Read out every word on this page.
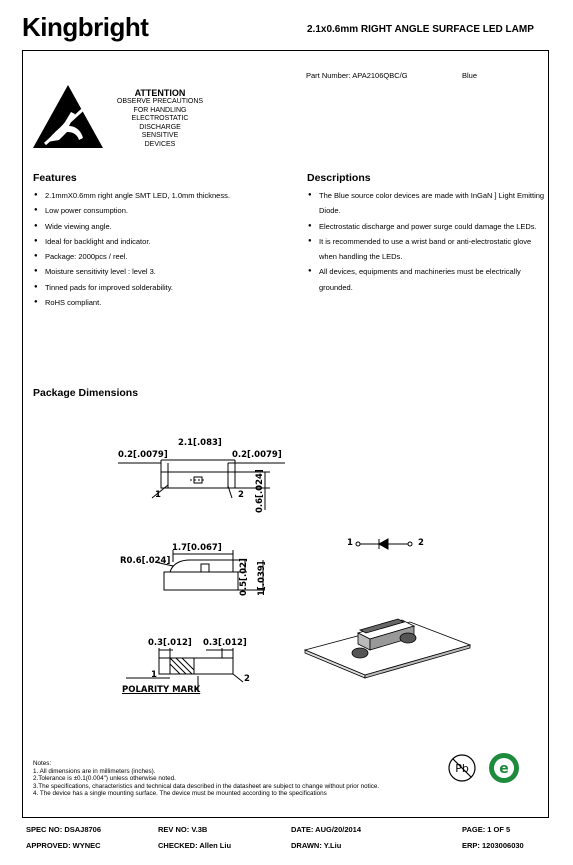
Kingbright	2.1x0.6mm RIGHT ANGLE SURFACE LED LAMP
Part Number: APA2106QBC/G	Blue
ATTENTION
OBSERVE PRECAUTIONS
FOR HANDLING
ELECTROSTATIC
DISCHARGE
SENSITIVE
DEVICES
Features
● 2.1mmX0.6mm right angle SMT LED, 1.0mm thickness.
● Low power consumption.
● Wide viewing angle.
● Ideal for backlight and indicator.
● Package: 2000pcs / reel.
● Moisture sensitivity level : level 3.
● Tinned pads for improved solderability.
● RoHS compliant.
Descriptions
● The Blue source color devices are made with InGaN ] Light Emitting Diode.
● Electrostatic discharge and power surge could damage the LEDs.
● It is recommended to use a wrist band or anti-electrostatic glove when handling the LEDs.
● All devices, equipments and machineries must be electrically grounded.
Package Dimensions
2.1[.083]
0.2[.0079]	0.2[.0079]
0.6[.024]
1	2
1.7[0.067]
R0.6[.024]	0.5[.02] 1[.039]
0.3[.012] 0.3[.012]
1	2
POLARITY MARK
1	2
Notes:
1. All dimensions are in millimeters (inches).
2.Tolerance is ±0.1(0.004") unless otherwise noted.
3.The specifications, characteristics and technical data described in the datasheet are subject to change without prior notice.
4. The device has a single mounting surface. The device must be mounted according to the specifications
Pb e
SPEC NO: DSAJ8706	REV NO: V.3B	DATE: AUG/20/2014	PAGE: 1 OF 5
APPROVED: WYNEC	CHECKED: Allen Liu	DRAWN: Y.Liu	ERP: 1203006030
